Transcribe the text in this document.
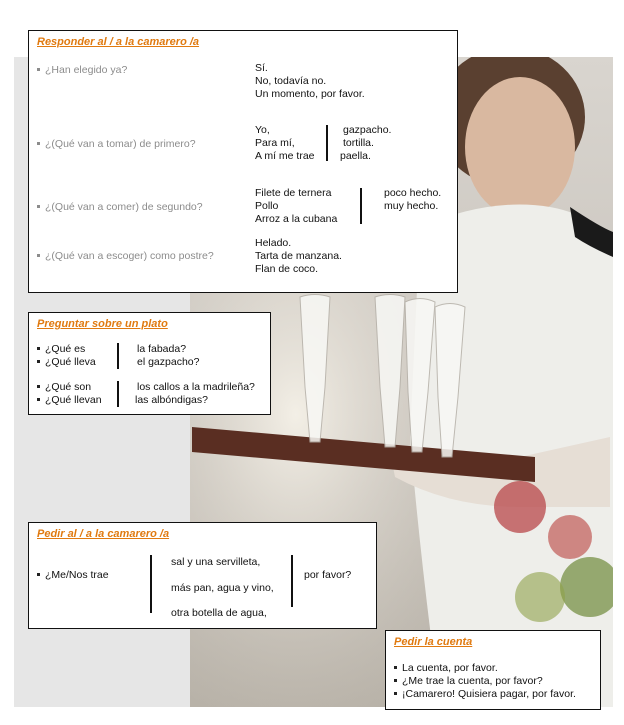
Responder al / a la camarero /a
¿Han elegido ya?	Sí.
No, todavía no.
Un momento, por favor.
¿(Qué van a tomar) de primero?
Yo,
Para mí,
A mí me trae
gazpacho.
tortilla.
paella.
¿(Qué van a comer) de segundo?
Filete de ternera
Pollo
Arroz a la cubana
poco hecho.
muy hecho.
¿(Qué van a escoger) como postre?
Helado.
Tarta de manzana.
Flan de coco.
Preguntar sobre un plato
¿Qué es
¿Qué lleva
la fabada?
el gazpacho?
¿Qué son
¿Qué llevan
los callos a la madrileña?
las albóndigas?
Pedir al / a la camarero /a
¿Me/Nos trae
sal y una servilleta,
más pan, agua y vino,
otra botella de agua,
por favor?
Pedir la cuenta
La cuenta, por favor.
¿Me trae la cuenta, por favor?
¡Camarero! Quisiera pagar, por favor.
